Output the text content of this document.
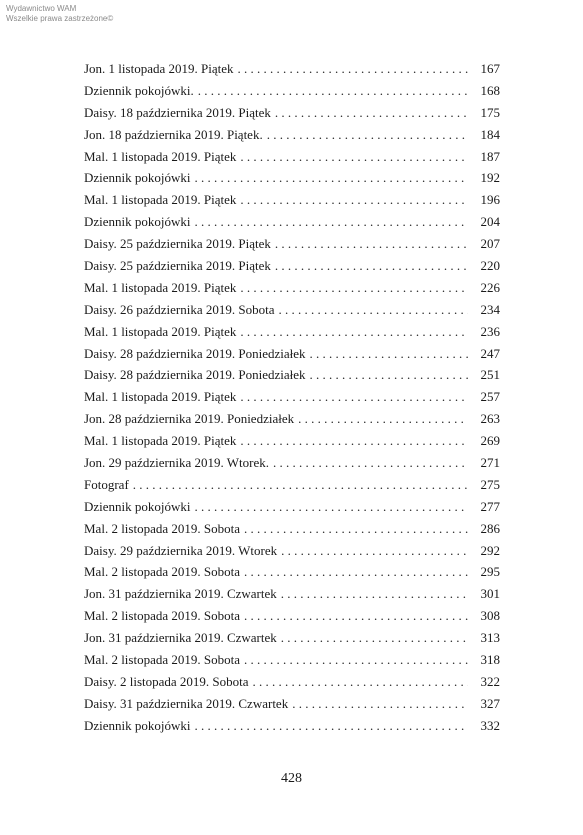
Wydawnictwo WAM
Wszelkie prawa zastrzeżone©
Jon. 1 listopada 2019. Piątek . . .	167
Dziennik pokojówki. . . .	168
Daisy. 18 października 2019. Piątek . . .	175
Jon. 18 października 2019. Piątek. . . .	184
Mal. 1 listopada 2019. Piątek . . .	187
Dziennik pokojówki . . .	192
Mal. 1 listopada 2019. Piątek . . .	196
Dziennik pokojówki . . .	204
Daisy. 25 października 2019. Piątek . . .	207
Daisy. 25 października 2019. Piątek . . .	220
Mal. 1 listopada 2019. Piątek . . .	226
Daisy. 26 października 2019. Sobota . . .	234
Mal. 1 listopada 2019. Piątek . . .	236
Daisy. 28 października 2019. Poniedziałek . . .	247
Daisy. 28 października 2019. Poniedziałek . . .	251
Mal. 1 listopada 2019. Piątek . . .	257
Jon. 28 października 2019. Poniedziałek . . .	263
Mal. 1 listopada 2019. Piątek . . .	269
Jon. 29 października 2019. Wtorek. . . .	271
Fotograf . . .	275
Dziennik pokojówki . . .	277
Mal. 2 listopada 2019. Sobota . . .	286
Daisy. 29 października 2019. Wtorek . . .	292
Mal. 2 listopada 2019. Sobota . . .	295
Jon. 31 października 2019. Czwartek . . .	301
Mal. 2 listopada 2019. Sobota . . .	308
Jon. 31 października 2019. Czwartek . . .	313
Mal. 2 listopada 2019. Sobota . . .	318
Daisy. 2 listopada 2019. Sobota . . .	322
Daisy. 31 października 2019. Czwartek . . .	327
Dziennik pokojówki . . .	332
428
